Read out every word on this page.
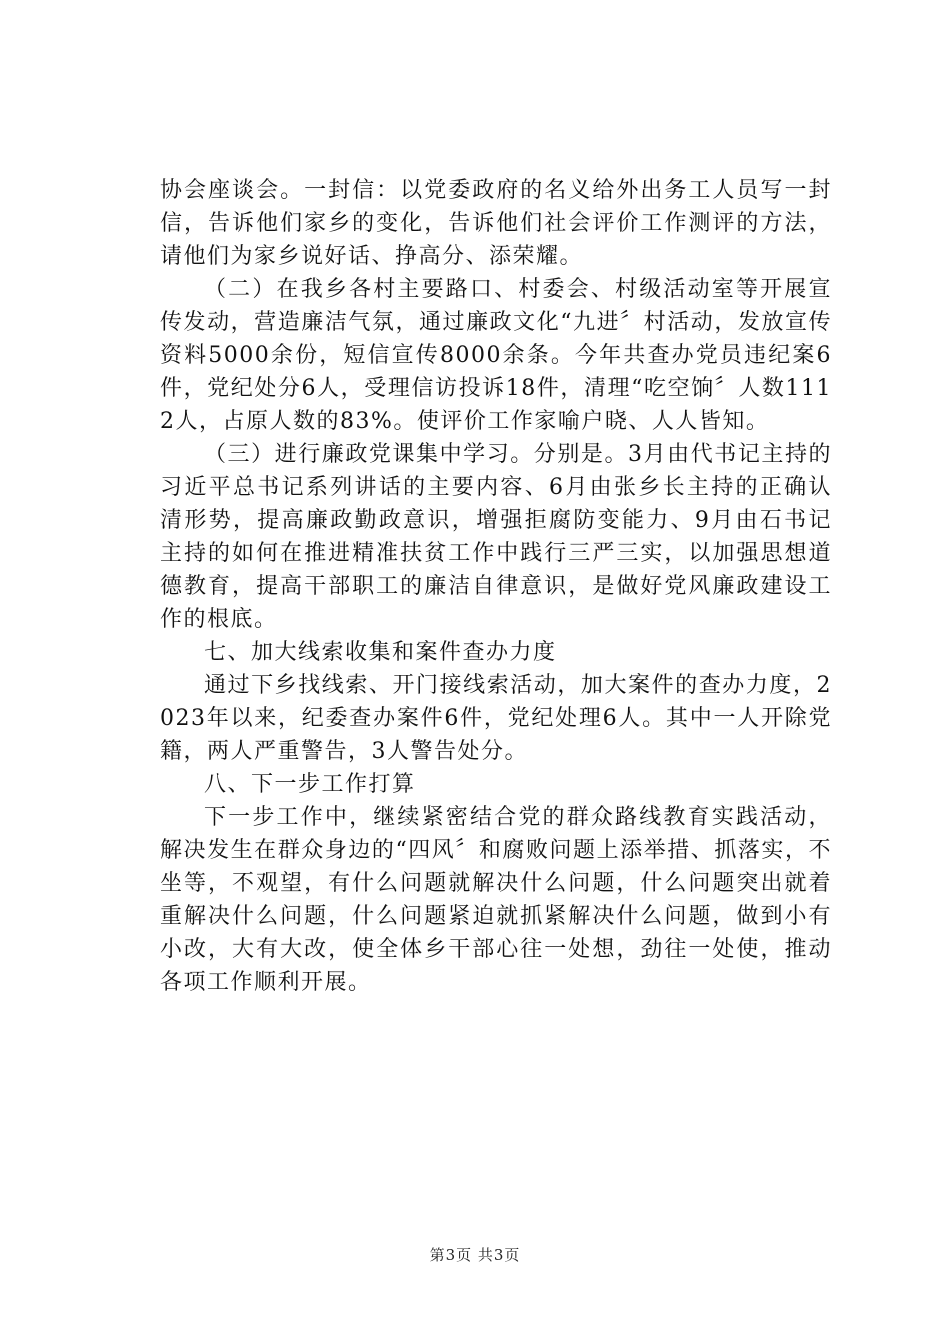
协会座谈会。一封信：以党委政府的名义给外出务工人员写一封信，告诉他们家乡的变化，告诉他们社会评价工作测评的方法，请他们为家乡说好话、挣高分、添荣耀。

（二）在我乡各村主要路口、村委会、村级活动室等开展宣传发动，营造廉洁气氛，通过廉政文化“九进〞村活动，发放宣传资料5000余份，短信宣传8000余条。今年共查办党员违纪案6件，党纪处分6人，受理信访投诉18件，清理“吃空饷〞人数1112人，占原人数的83%。使评价工作家喻户晓、人人皆知。

（三）进行廉政党课集中学习。分别是。3月由代书记主持的习近平总书记系列讲话的主要内容、6月由张乡长主持的正确认清形势，提高廉政勤政意识，增强拒腐防变能力、9月由石书记主持的如何在推进精准扶贫工作中践行三严三实，以加强思想道德教育，提高干部职工的廉洁自律意识，是做好党风廉政建设工作的根底。

七、加大线索收集和案件查办力度

通过下乡找线索、开门接线索活动，加大案件的查办力度，2023年以来，纪委查办案件6件，党纪处理6人。其中一人开除党籍，两人严重警告，3人警告处分。

八、下一步工作打算

下一步工作中，继续紧密结合党的群众路线教育实践活动，解决发生在群众身边的“四风〞和腐败问题上添举措、抓落实，不坐等，不观望，有什么问题就解决什么问题，什么问题突出就着重解决什么问题，什么问题紧迫就抓紧解决什么问题，做到小有小改，大有大改，使全体乡干部心往一处想，劲往一处使，推动各项工作顺利开展。

第3页 共3页
